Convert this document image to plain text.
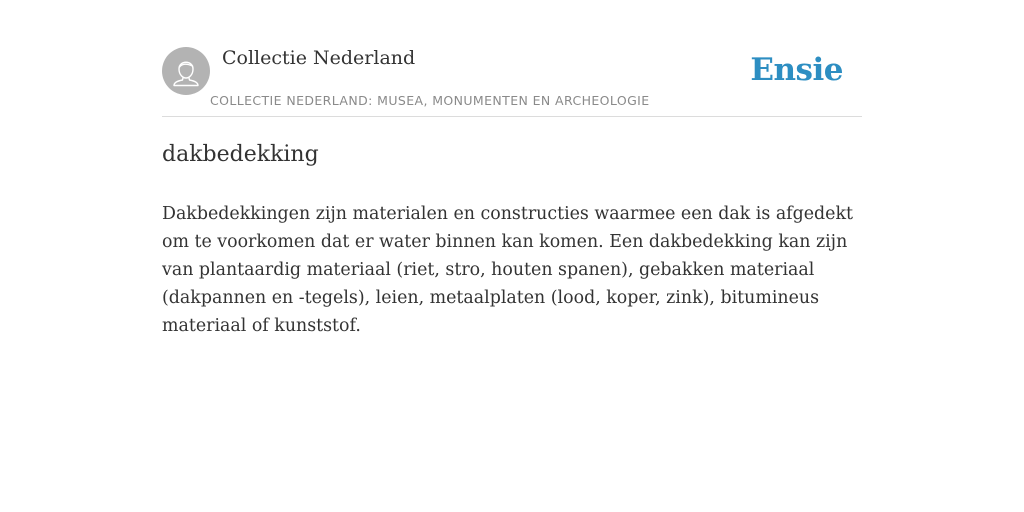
Collectie Nederland
COLLECTIE NEDERLAND: MUSEA, MONUMENTEN EN ARCHEOLOGIE
Ensie
dakbedekking

Dakbedekkingen zijn materialen en constructies waarmee een dak is afgedekt om te voorkomen dat er water binnen kan komen. Een dakbedekking kan zijn van plantaardig materiaal (riet, stro, houten spanen), gebakken materiaal (dakpannen en -tegels), leien, metaalplaten (lood, koper, zink), bitumineus materiaal of kunststof.
